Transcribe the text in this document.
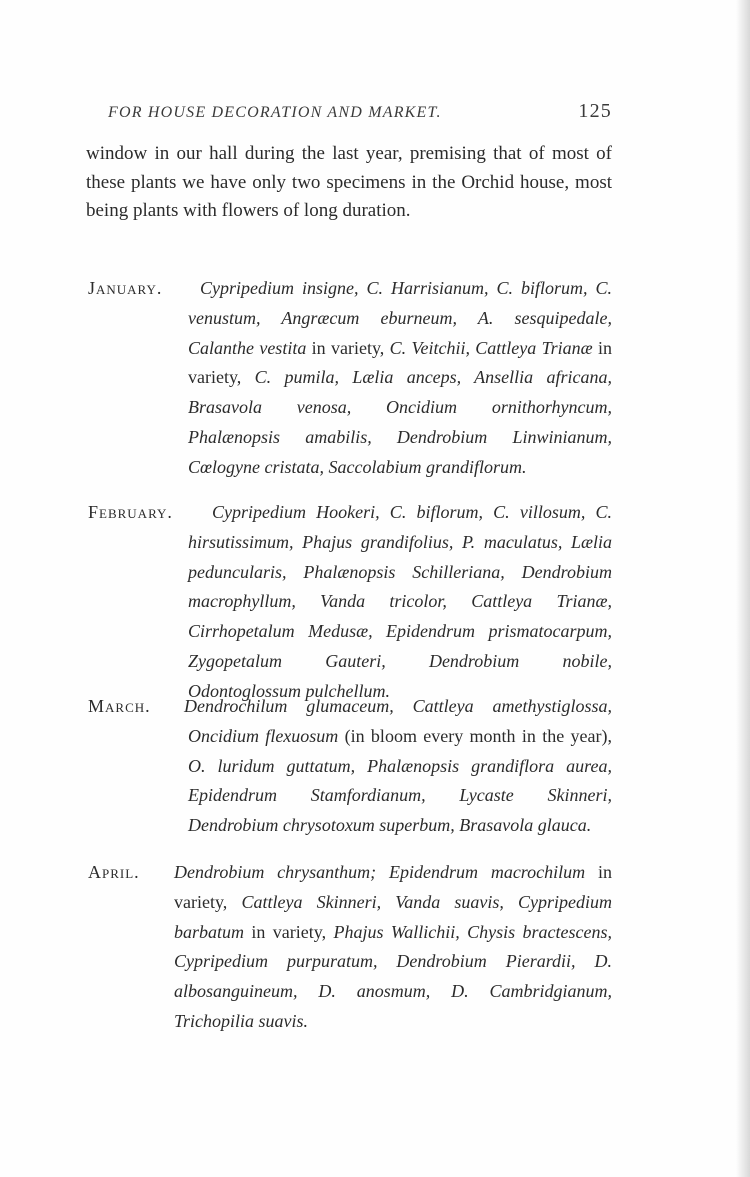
FOR HOUSE DECORATION AND MARKET.	125

window in our hall during the last year, premising that of most of these plants we have only two specimens in the Orchid house, most being plants with flowers of long duration.

January. Cypripedium insigne, C. Harrisianum, C. biflorum, C. venustum, Angræcum eburneum, A. sesquipedale, Calanthe vestita in variety, C. Veitchii, Cattleya Trianæ in variety, C. pumila, Lælia anceps, Ansellia africana, Brasavola venosa, Oncidium ornithorhyncum, Phalænopsis amabilis, Dendrobium Linwinianum, Cœlogyne cristata, Saccolabium grandiflorum.

February. Cypripedium Hookeri, C. biflorum, C. villosum, C. hirsutissimum, Phajus grandifolius, P. maculatus, Lælia peduncularis, Phalænopsis Schilleriana, Dendrobium macrophyllum, Vanda tricolor, Cattleya Trianæ, Cirrhopetalum Medusæ, Epidendrum prismatocarpum, Zygopetalum Gauteri, Dendrobium nobile, Odontoglossum pulchellum.

March. Dendrochilum glumaceum, Cattleya amethystiglossa, Oncidium flexuosum (in bloom every month in the year), O. luridum guttatum, Phalænopsis grandiflora aurea, Epidendrum Stamfordianum, Lycaste Skinneri, Dendrobium chrysotoxum superbum, Brasavola glauca.

April. Dendrobium chrysanthum; Epidendrum macrochilum in variety, Cattleya Skinneri, Vanda suavis, Cypripedium barbatum in variety, Phajus Wallichii, Chysis bractescens, Cypripedium purpuratum, Dendrobium Pierardii, D. albosanguineum, D. anosmum, D. Cambridgianum, Trichopilia suavis.
